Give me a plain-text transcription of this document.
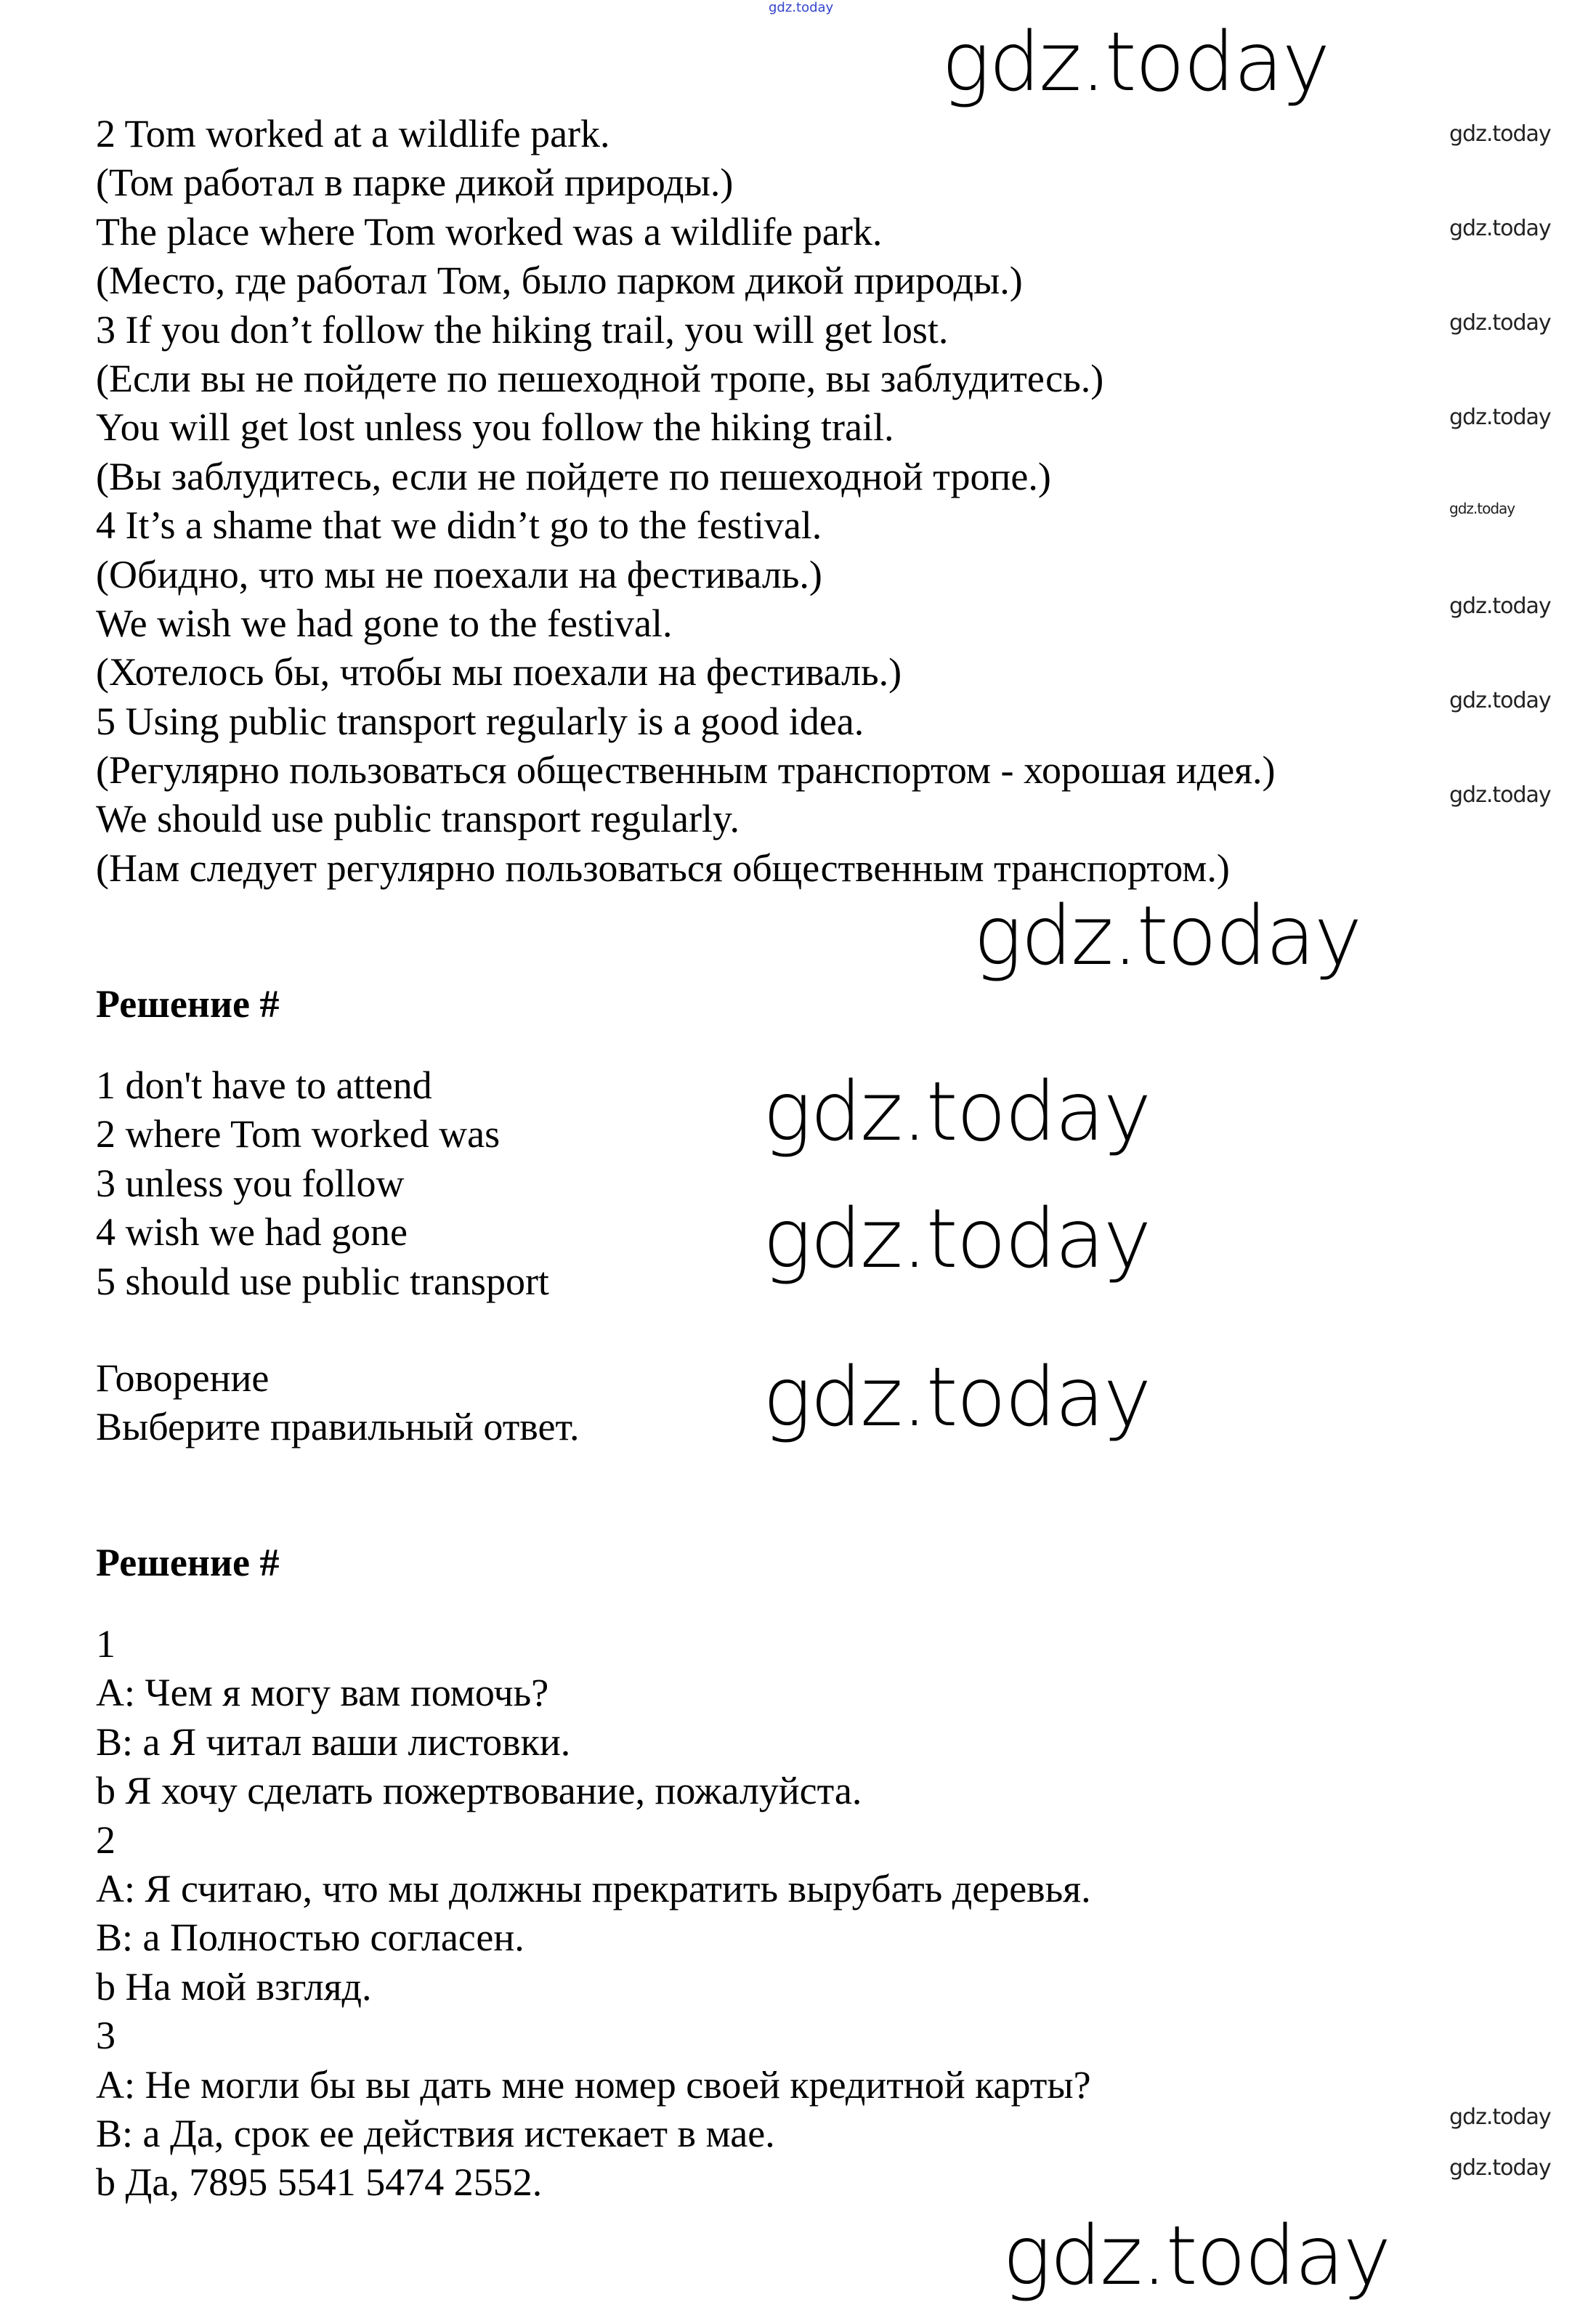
gdz.today
2 Tom worked at a wildlife park.
(Том работал в парке дикой природы.)
The place where Tom worked was a wildlife park.
(Место, где работал Том, было парком дикой природы.)
3 If you don’t follow the hiking trail, you will get lost.
(Если вы не пойдете по пешеходной тропе, вы заблудитесь.)
You will get lost unless you follow the hiking trail.
(Вы заблудитесь, если не пойдете по пешеходной тропе.)
4 It’s a shame that we didn’t go to the festival.
(Обидно, что мы не поехали на фестиваль.)
We wish we had gone to the festival.
(Хотелось бы, чтобы мы поехали на фестиваль.)
5 Using public transport regularly is a good idea.
(Регулярно пользоваться общественным транспортом - хорошая идея.)
We should use public transport regularly.
(Нам следует регулярно пользоваться общественным транспортом.)
Решение #
1 don't have to attend
2 where Tom worked was
3 unless you follow
4 wish we had gone
5 should use public transport
Говорение
Выберите правильный ответ.
Решение #
1
A: Чем я могу вам помочь?
B: a Я читал ваши листовки.
b Я хочу сделать пожертвование, пожалуйста.
2
A: Я считаю, что мы должны прекратить вырубать деревья.
B: a Полностью согласен.
b На мой взгляд.
3
A: Не могли бы вы дать мне номер своей кредитной карты?
B: a Да, срок ее действия истекает в мае.
b Да, 7895 5541 5474 2552.
gdz.today
gdz.today
gdz.today
gdz.today
gdz.today
gdz.today
gdz.today
gdz.today
gdz.today
gdz.today
gdz.today
gdz.today
gdz.today
gdz.today
gdz.today
gdz.today
